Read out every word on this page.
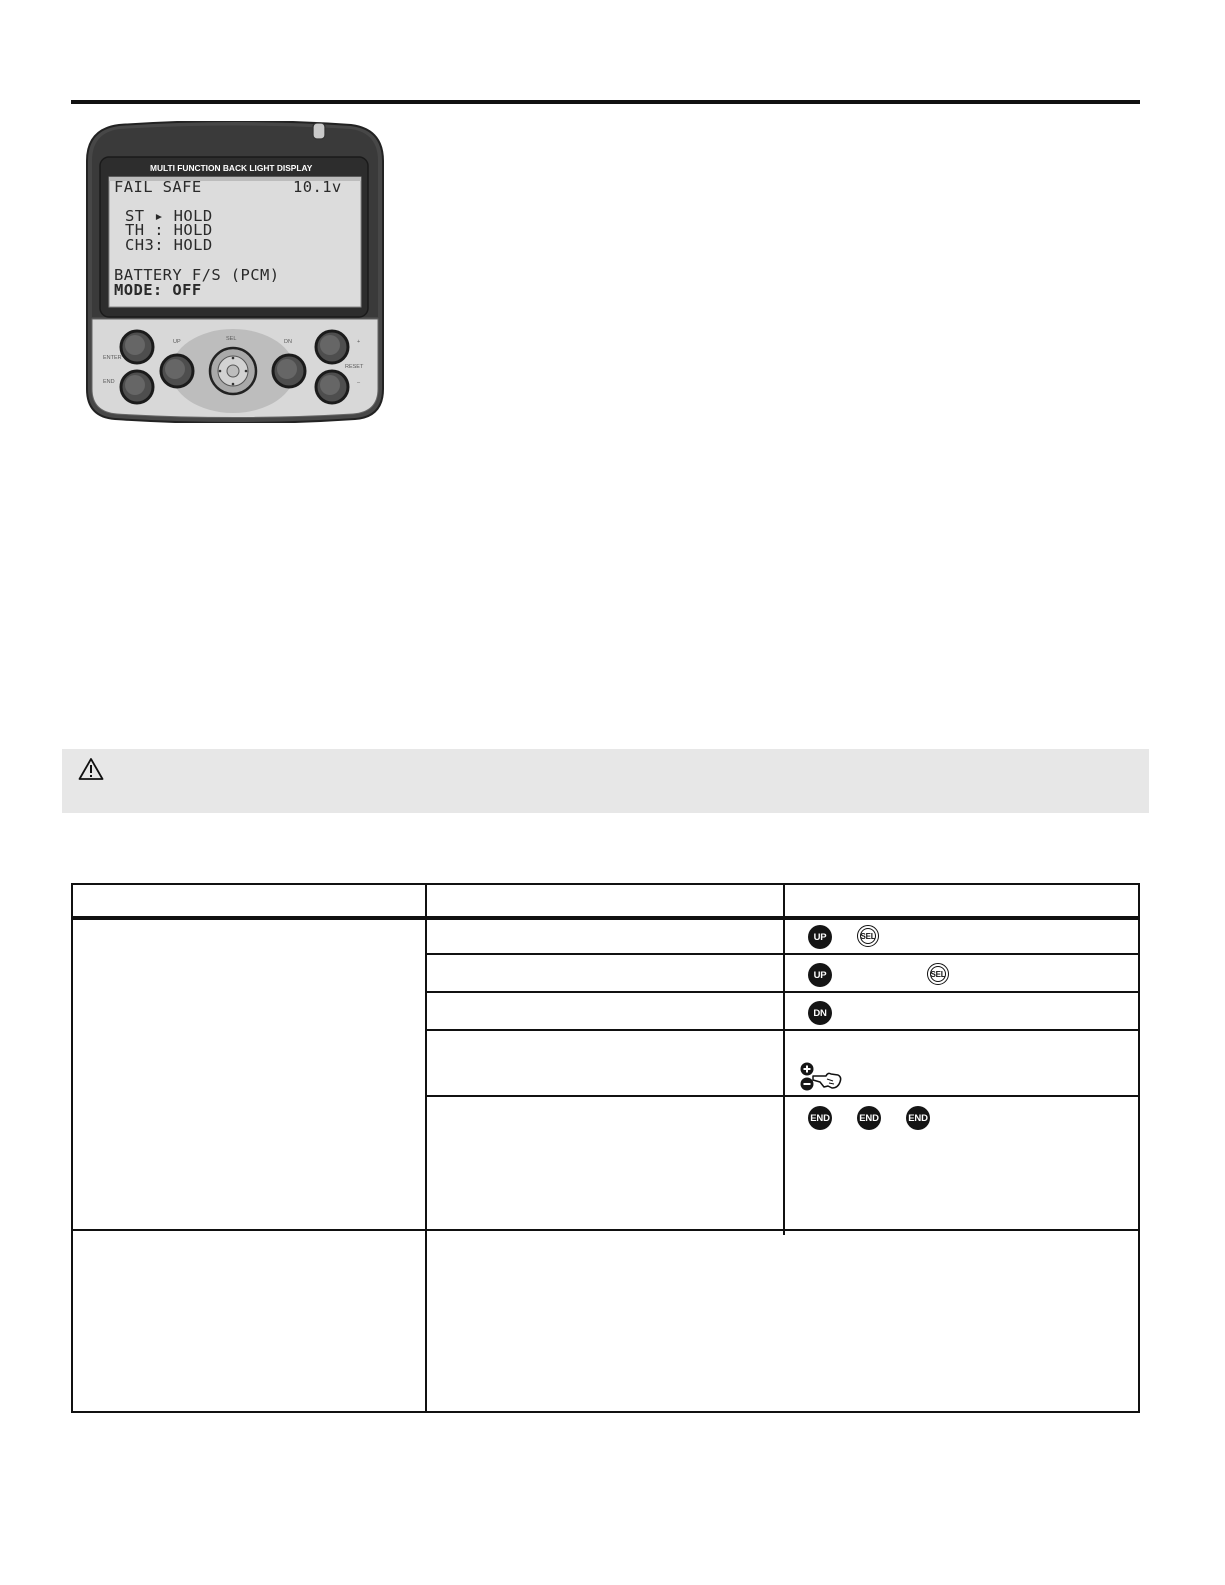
MULTI FUNCTION BACK LIGHT DISPLAY
FAIL SAFE	10.1v
ST ▸ HOLD
TH : HOLD
CH3: HOLD
BATTERY F/S (PCM)
MODE: OFF
ENTER
END
UP	SEL	DN	+
RESET
–
UP	SEL
UP	SEL
DN
END	END	END
